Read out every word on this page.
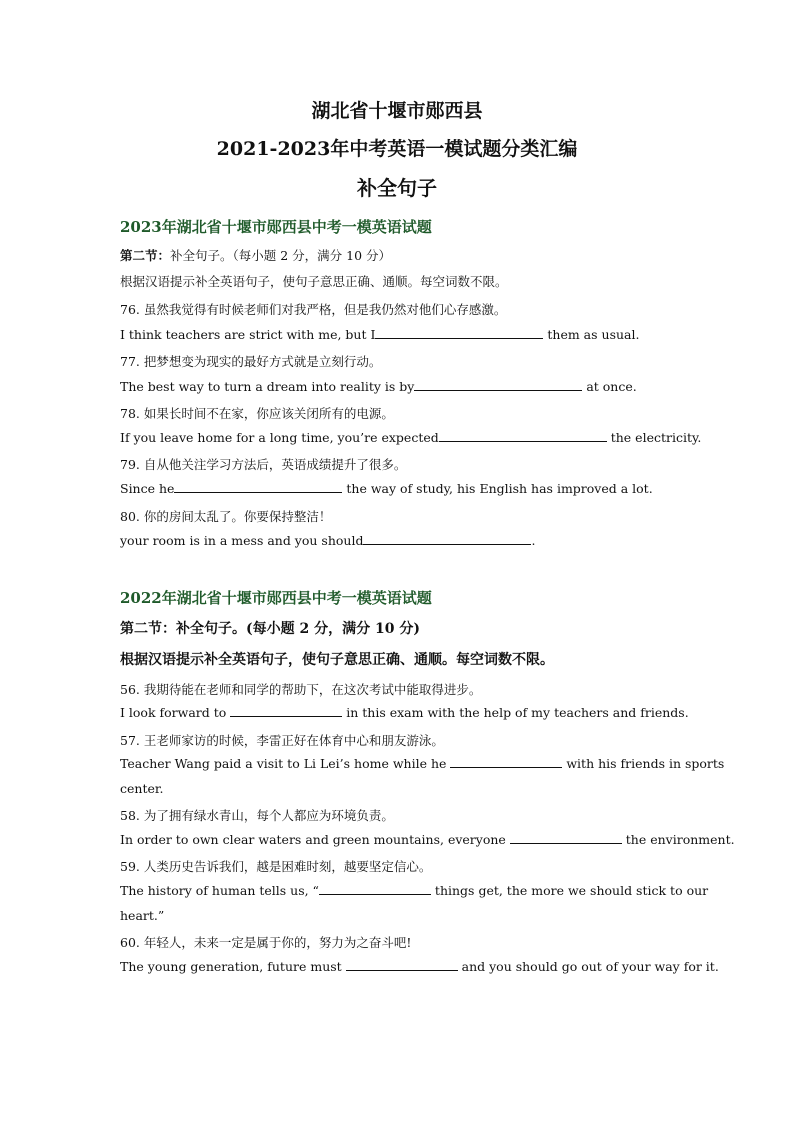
湖北省十堰市郧西县
2021-2023年中考英语一模试题分类汇编
补全句子
2023年湖北省十堰市郧西县中考一模英语试题
第二节：补全句子。（每小题 2 分，满分 10 分）
根据汉语提示补全英语句子，使句子意思正确、通顺。每空词数不限。
76. 虽然我觉得有时候老师们对我严格，但是我仍然对他们心存感激。
I think teachers are strict with me, but I	them as usual.
77. 把梦想变为现实的最好方式就是立刻行动。
The best way to turn a dream into reality is by	at once.
78. 如果长时间不在家，你应该关闭所有的电源。
If you leave home for a long time, you’re expected	the electricity.
79. 自从他关注学习方法后，英语成绩提升了很多。
Since he	the way of study, his English has improved a lot.
80. 你的房间太乱了。你要保持整洁！
your room is in a mess and you should	.
2022年湖北省十堰市郧西县中考一模英语试题
第二节：补全句子。(每小题 2 分，满分 10 分)
根据汉语提示补全英语句子，使句子意思正确、通顺。每空词数不限。
56. 我期待能在老师和同学的帮助下，在这次考试中能取得进步。
I look forward to	in this exam with the help of my teachers and friends.
57. 王老师家访的时候，李雷正好在体育中心和朋友游泳。
Teacher Wang paid a visit to Li Lei’s home while he	with his friends in sports
center.
58. 为了拥有绿水青山，每个人都应为环境负责。
In order to own clear waters and green mountains, everyone	the environment.
59. 人类历史告诉我们，越是困难时刻，越要坚定信心。
The history of human tells us, “	things get, the more we should stick to our
heart.”
60. 年轻人，未来一定是属于你的，努力为之奋斗吧!
The young generation, future must	and you should go out of your way for it.
